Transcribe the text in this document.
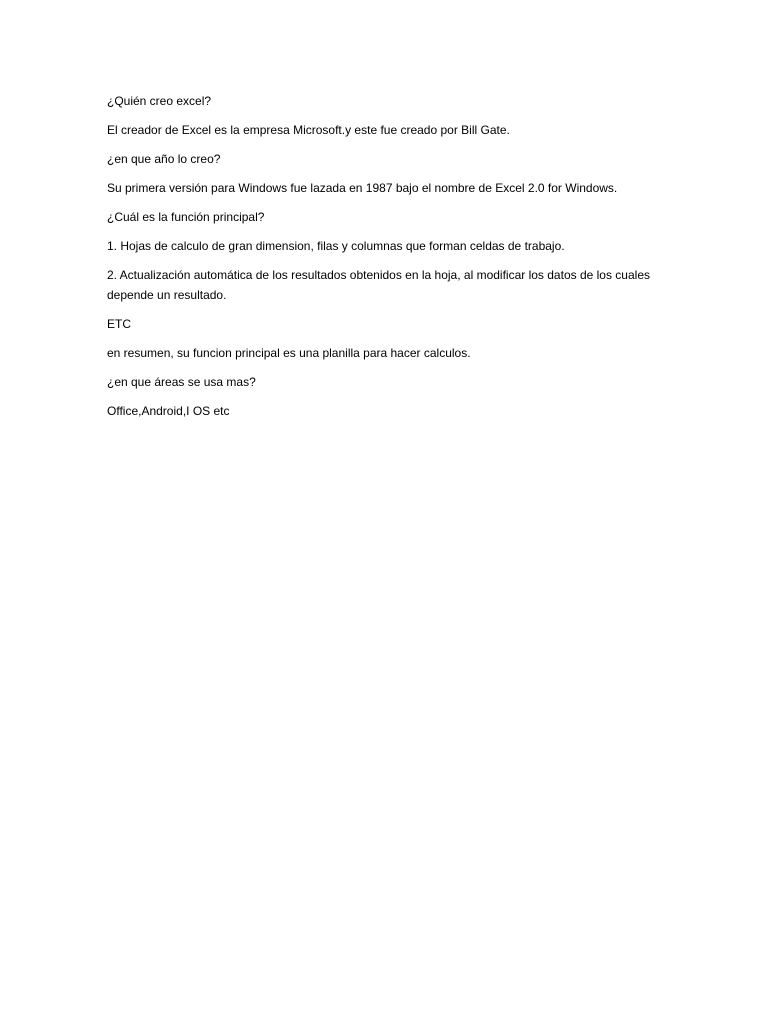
¿Quién creo excel?

El creador de Excel es la empresa Microsoft.y este fue creado por Bill Gate.

¿en que año lo creo?

Su primera versión para Windows fue lazada en 1987 bajo el nombre de Excel 2.0 for Windows.

¿Cuál es la función principal?

1. Hojas de calculo de gran dimension, filas y columnas que forman celdas de trabajo.

2. Actualización automática de los resultados obtenidos en la hoja, al modificar los datos de los cuales depende un resultado.

ETC

en resumen, su funcion principal es una planilla para hacer calculos.

¿en que áreas se usa mas?

Office,Android,I OS etc
